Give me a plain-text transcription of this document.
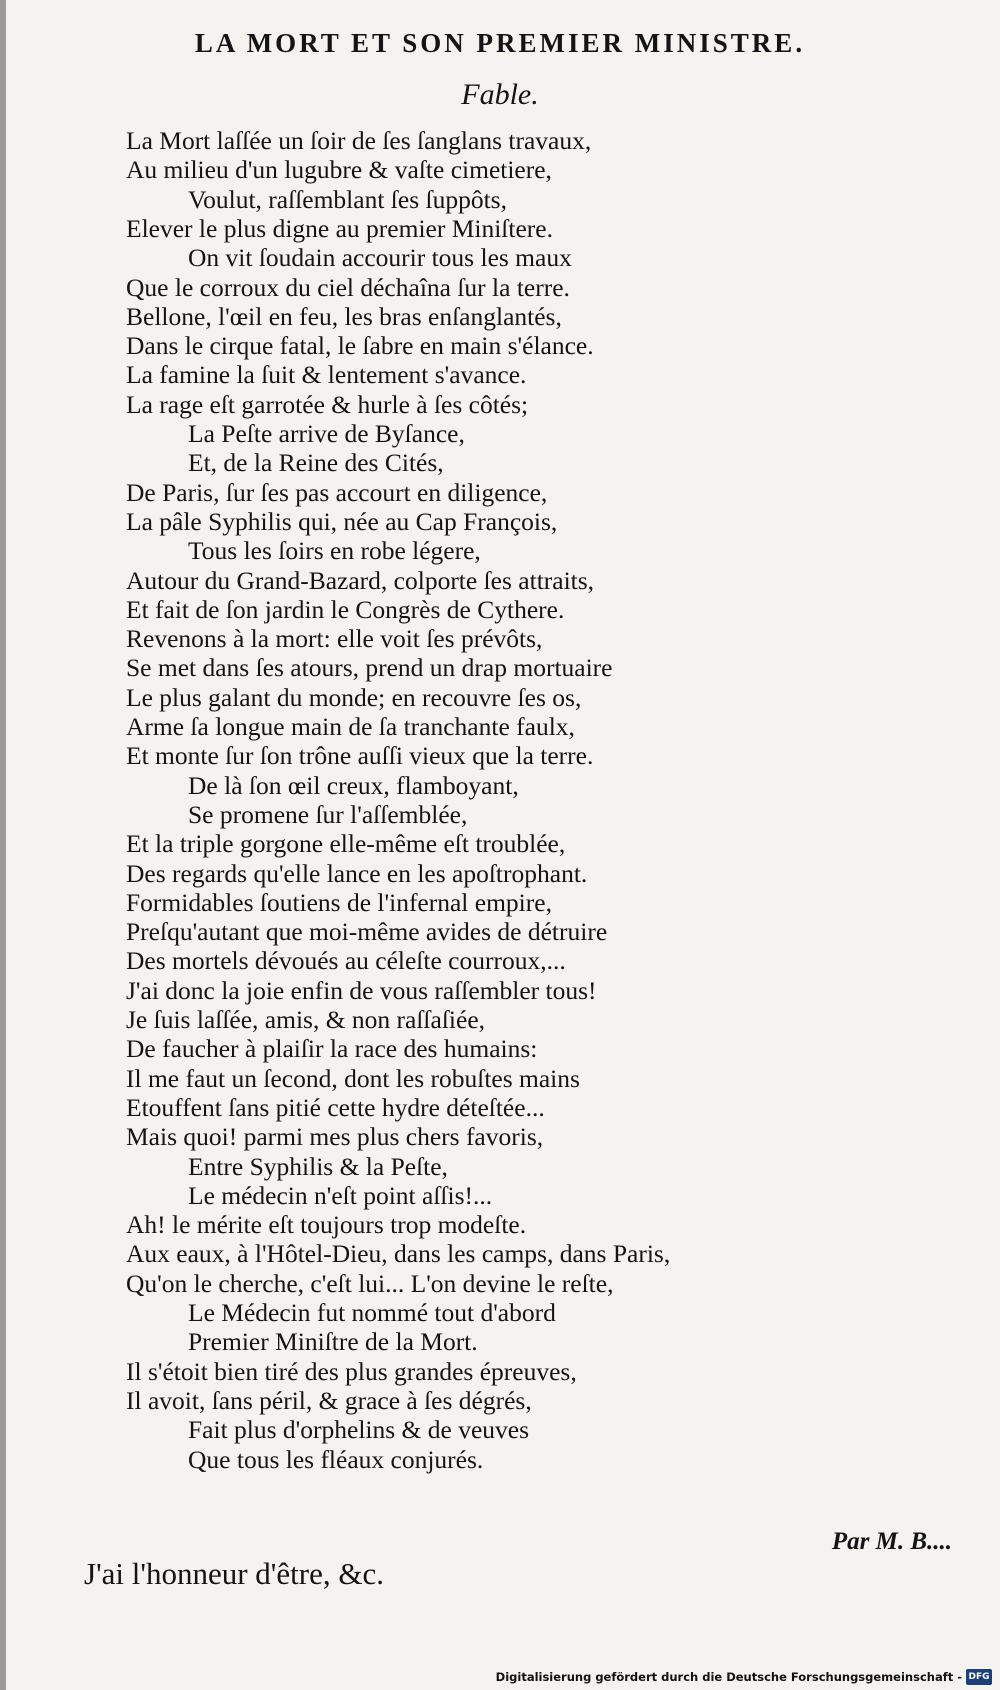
LA MORT ET SON PREMIER MINISTRE.
Fable.
La Mort laſſée un ſoir de ſes ſanglans travaux,
Au milieu d'un lugubre & vaſte cimetiere,
Voulut, raſſemblant ſes ſuppôts,
Elever le plus digne au premier Miniſtere.
On vit ſoudain accourir tous les maux
Que le corroux du ciel déchaîna ſur la terre.
Bellone, l'œil en feu, les bras enſanglantés,
Dans le cirque fatal, le ſabre en main s'élance.
La famine la ſuit & lentement s'avance.
La rage eſt garrotée & hurle à ſes côtés;
La Peſte arrive de Byſance,
Et, de la Reine des Cités,
De Paris, ſur ſes pas accourt en diligence,
La pâle Syphilis qui, née au Cap François,
Tous les ſoirs en robe légere,
Autour du Grand-Bazard, colporte ſes attraits,
Et fait de ſon jardin le Congrès de Cythere.
Revenons à la mort: elle voit ſes prévôts,
Se met dans ſes atours, prend un drap mortuaire
Le plus galant du monde; en recouvre ſes os,
Arme ſa longue main de ſa tranchante faulx,
Et monte ſur ſon trône auſſi vieux que la terre.
De là ſon œil creux, flamboyant,
Se promene ſur l'aſſemblée,
Et la triple gorgone elle-même eſt troublée,
Des regards qu'elle lance en les apoſtrophant.
Formidables ſoutiens de l'infernal empire,
Preſqu'autant que moi-même avides de détruire
Des mortels dévoués au céleſte courroux,...
J'ai donc la joie enfin de vous raſſembler tous!
Je ſuis laſſée, amis, & non raſſaſiée,
De faucher à plaiſir la race des humains:
Il me faut un ſecond, dont les robuſtes mains
Etouffent ſans pitié cette hydre déteſtée...
Mais quoi! parmi mes plus chers favoris,
Entre Syphilis & la Peſte,
Le médecin n'eſt point aſſis!...
Ah! le mérite eſt toujours trop modeſte.
Aux eaux, à l'Hôtel-Dieu, dans les camps, dans Paris,
Qu'on le cherche, c'eſt lui... L'on devine le reſte,
Le Médecin fut nommé tout d'abord
Premier Miniſtre de la Mort.
Il s'étoit bien tiré des plus grandes épreuves,
Il avoit, ſans péril, & grace à ſes dégrés,
Fait plus d'orphelins & de veuves
Que tous les fléaux conjurés.
Par M. B....
J'ai l'honneur d'être, &c.
Digitalisierung gefördert durch die Deutsche Forschungsgemeinschaft - DFG
